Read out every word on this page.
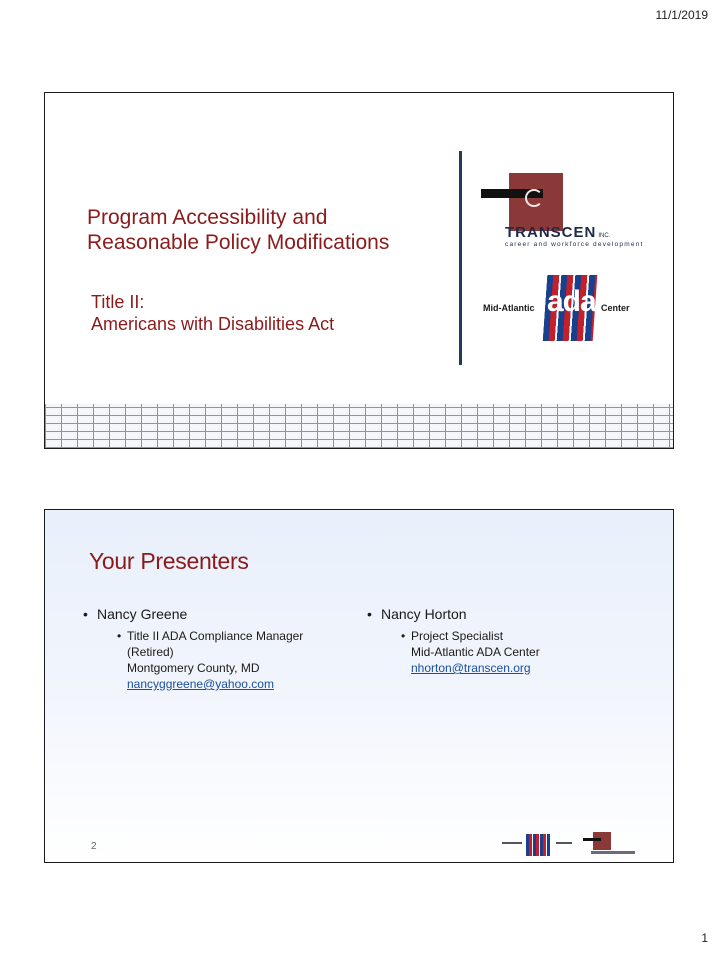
11/1/2019
Program Accessibility and
Reasonable Policy Modifications
Title II:
Americans with Disabilities Act
TRANSCEN INC.
career and workforce development
Mid-Atlantic ada Center
Your Presenters
• Nancy Greene
• Title II ADA Compliance Manager
(Retired)
Montgomery County, MD
nancyggreene@yahoo.com
• Nancy Horton
• Project Specialist
Mid-Atlantic ADA Center
nhorton@transcen.org
2
1
